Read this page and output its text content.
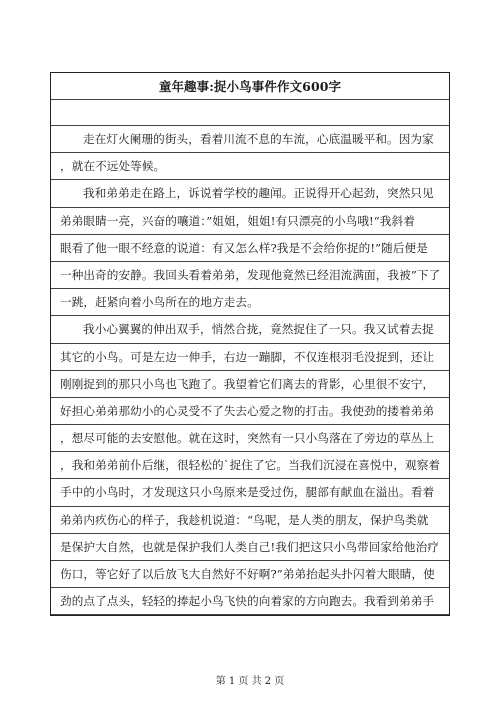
童年趣事:捉小鸟事件作文600字
走在灯火阑珊的街头，看着川流不息的车流，心底温暖平和。因为家
，就在不远处等候。
我和弟弟走在路上，诉说着学校的趣闻。正说得开心起劲，突然只见
弟弟眼睛一亮，兴奋的嚷道：”姐姐，姐姐!有只漂亮的小鸟哦!“我斜着
眼看了他一眼不经意的说道：有又怎么样?我是不会给你捉的!”随后便是
一种出奇的安静。我回头看着弟弟，发现他竟然已经泪流满面，我被”下了
一跳，赶紧向着小鸟所在的地方走去。
我小心翼翼的伸出双手，悄然合拢，竟然捉住了一只。我又试着去捉
其它的小鸟。可是左边一伸手，右边一蹦脚，不仅连根羽毛没捉到，还让
刚刚捉到的那只小鸟也飞跑了。我望着它们离去的背影，心里很不安宁，
好担心弟弟那幼小的心灵受不了失去心爱之物的打击。我使劲的搂着弟弟
，想尽可能的去安慰他。就在这时，突然有一只小鸟落在了旁边的草丛上
，我和弟弟前仆后继，很轻松的`捉住了它。当我们沉浸在喜悦中，观察着
手中的小鸟时，才发现这只小鸟原来是受过伤，腿部有献血在溢出。看着
弟弟内疚伤心的样子，我趁机说道：“鸟呢，是人类的朋友，保护鸟类就
是保护大自然，也就是保护我们人类自己!我们把这只小鸟带回家给他治疗
伤口，等它好了以后放飞大自然好不好啊?”弟弟抬起头扑闪着大眼睛，使
劲的点了点头，轻轻的捧起小鸟飞快的向着家的方向跑去。我看到弟弟手
第 1 页 共 2 页
